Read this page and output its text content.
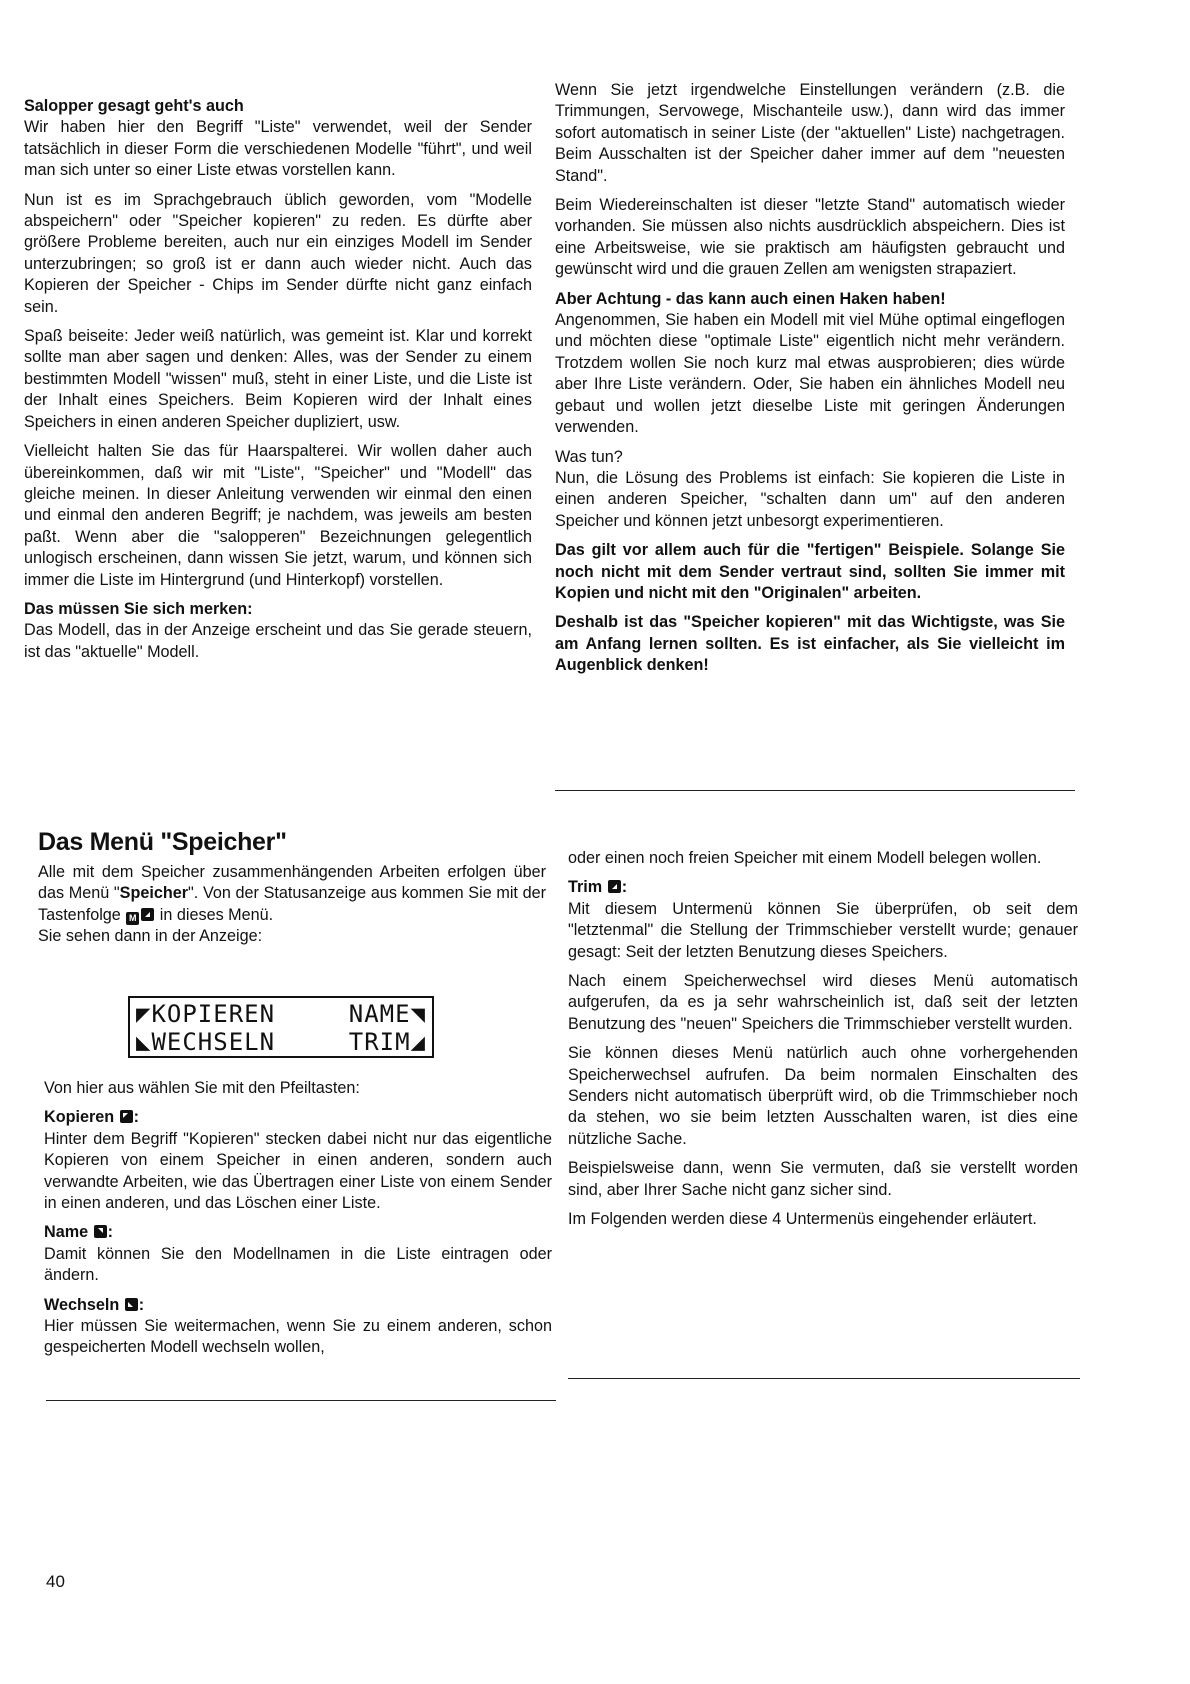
Salopper gesagt geht's auch
Wir haben hier den Begriff "Liste" verwendet, weil der Sender tatsächlich in dieser Form die verschiedenen Modelle "führt", und weil man sich unter so einer Liste etwas vorstellen kann.

Nun ist es im Sprachgebrauch üblich geworden, vom "Modelle abspeichern" oder "Speicher kopieren" zu reden. Es dürfte aber größere Probleme bereiten, auch nur ein einziges Modell im Sender unterzubringen; so groß ist er dann auch wieder nicht. Auch das Kopieren der Speicher - Chips im Sender dürfte nicht ganz einfach sein.

Spaß beiseite: Jeder weiß natürlich, was gemeint ist. Klar und korrekt sollte man aber sagen und denken: Alles, was der Sender zu einem bestimmten Modell "wissen" muß, steht in einer Liste, und die Liste ist der Inhalt eines Speichers. Beim Kopieren wird der Inhalt eines Speichers in einen anderen Speicher dupliziert, usw.

Vielleicht halten Sie das für Haarspalterei. Wir wollen daher auch übereinkommen, daß wir mit "Liste", "Speicher" und "Modell" das gleiche meinen. In dieser Anleitung verwenden wir einmal den einen und einmal den anderen Begriff; je nachdem, was jeweils am besten paßt. Wenn aber die "salopperen" Bezeichnungen gelegentlich unlogisch erscheinen, dann wissen Sie jetzt, warum, und können sich immer die Liste im Hintergrund (und Hinterkopf) vorstellen.

Das müssen Sie sich merken:
Das Modell, das in der Anzeige erscheint und das Sie gerade steuern, ist das "aktuelle" Modell.

Wenn Sie jetzt irgendwelche Einstellungen verändern (z.B. die Trimmungen, Servowege, Mischanteile usw.), dann wird das immer sofort automatisch in seiner Liste (der "aktuellen" Liste) nachgetragen. Beim Ausschalten ist der Speicher daher immer auf dem "neuesten Stand".

Beim Wiedereinschalten ist dieser "letzte Stand" automatisch wieder vorhanden. Sie müssen also nichts ausdrücklich abspeichern. Dies ist eine Arbeitsweise, wie sie praktisch am häufigsten gebraucht und gewünscht wird und die grauen Zellen am wenigsten strapaziert.

Aber Achtung - das kann auch einen Haken haben!
Angenommen, Sie haben ein Modell mit viel Mühe optimal eingeflogen und möchten diese "optimale Liste" eigentlich nicht mehr verändern. Trotzdem wollen Sie noch kurz mal etwas ausprobieren; dies würde aber Ihre Liste verändern. Oder, Sie haben ein ähnliches Modell neu gebaut und wollen jetzt dieselbe Liste mit geringen Änderungen verwenden.

Was tun?
Nun, die Lösung des Problems ist einfach: Sie kopieren die Liste in einen anderen Speicher, "schalten dann um" auf den anderen Speicher und können jetzt unbesorgt experimentieren.

Das gilt vor allem auch für die "fertigen" Beispiele. Solange Sie noch nicht mit dem Sender vertraut sind, sollten Sie immer mit Kopien und nicht mit den "Originalen" arbeiten.

Deshalb ist das "Speicher kopieren" mit das Wichtigste, was Sie am Anfang lernen sollten. Es ist einfacher, als Sie vielleicht im Augenblick denken!

Das Menü "Speicher"

Alle mit dem Speicher zusammenhängenden Arbeiten erfolgen über das Menü "Speicher". Von der Statusanzeige aus kommen Sie mit der Tastenfolge M in dieses Menü.

Sie sehen dann in der Anzeige:

◤KOPIEREN	NAME◥
◣WECHSELN	TRIM◢

Von hier aus wählen Sie mit den Pfeiltasten:

Kopieren :

Hinter dem Begriff "Kopieren" stecken dabei nicht nur das eigentliche Kopieren von einem Speicher in einen anderen, sondern auch verwandte Arbeiten, wie das Übertragen einer Liste von einem Sender in einen anderen, und das Löschen einer Liste.

Name :

Damit können Sie den Modellnamen in die Liste eintragen oder ändern.

Wechseln :

Hier müssen Sie weitermachen, wenn Sie zu einem anderen, schon gespeicherten Modell wechseln wollen,

oder einen noch freien Speicher mit einem Modell belegen wollen.

Trim :

Mit diesem Untermenü können Sie überprüfen, ob seit dem "letztenmal" die Stellung der Trimmschieber verstellt wurde; genauer gesagt: Seit der letzten Benutzung dieses Speichers.

Nach einem Speicherwechsel wird dieses Menü automatisch aufgerufen, da es ja sehr wahrscheinlich ist, daß seit der letzten Benutzung des "neuen" Speichers die Trimmschieber verstellt wurden.

Sie können dieses Menü natürlich auch ohne vorhergehenden Speicherwechsel aufrufen. Da beim normalen Einschalten des Senders nicht automatisch überprüft wird, ob die Trimmschieber noch da stehen, wo sie beim letzten Ausschalten waren, ist dies eine nützliche Sache.

Beispielsweise dann, wenn Sie vermuten, daß sie verstellt worden sind, aber Ihrer Sache nicht ganz sicher sind.

Im Folgenden werden diese 4 Untermenüs eingehender erläutert.

40
